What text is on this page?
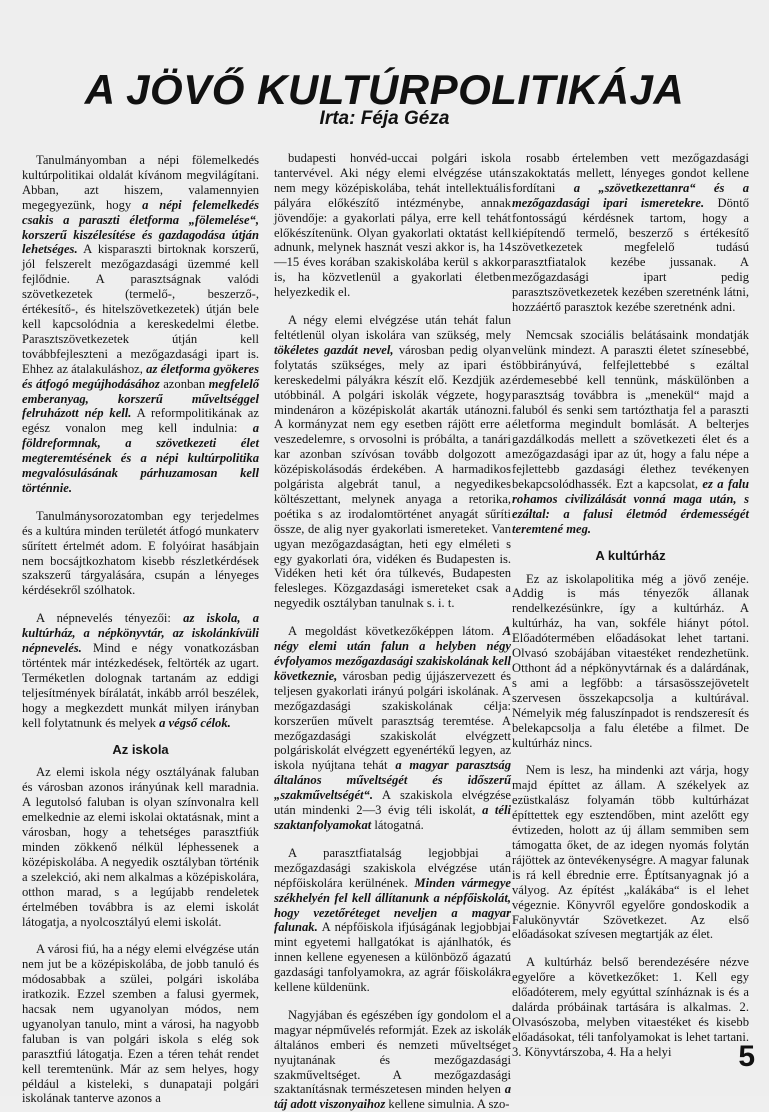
A JÖVŐ KULTÚRPOLITIKÁJA
Irta: Féja Géza

Tanulmányomban a népi fölemelkedés kultúrpolitikai oldalát kívánom megvilágítani. Abban, azt hiszem, valamennyien megegyezünk, hogy a népi felemelkedés csakis a paraszti életforma „fölemelése“, korszerű kiszélesítése és gazdagodása útján lehetséges. A kisparaszti birtoknak korszerű, jól felszerelt mezőgazdasági üzemmé kell fejlődnie. A parasztságnak valódi szövetkezetek (termelő-, beszerző-, értékesítő-, és hitelszövetkezetek) útján bele kell kapcsolódnia a kereskedelmi életbe. Parasztszövetkezetek útján kell továbbfejleszteni a mezőgazdasági ipart is. Ehhez az átalakuláshoz, az életforma gyökeres és átfogó megújhodásához azonban megfelelő emberanyag, korszerű műveltséggel felruházott nép kell. A reformpolitikának az egész vonalon meg kell indulnia: a földreformnak, a szövetkezeti élet megteremtésének és a népi kultúrpolitika megvalósulásának párhuzamosan kell történnie.

Tanulmánysorozatomban egy terjedelmes és a kultúra minden területét átfogó munkaterv sűrített értelmét adom. E folyóirat hasábjain nem bocsájtkozhatom kisebb részletkérdések szakszerű tárgyalására, csupán a lényeges kérdésekről szólhatok.

A népnevelés tényezői: az iskola, a kultúrház, a népkönyvtár, az iskolánkívüli népnevelés. Mind e négy vonatkozásban történtek már intézkedések, feltörték az ugart. Terméketlen dolognak tartanám az eddigi teljesítmények bírálatát, inkább arról beszélek, hogy a megkezdett munkát milyen irányban kell folytatnunk és melyek a végső célok.

Az iskola

Az elemi iskola négy osztályának faluban és városban azonos irányúnak kell maradnia. A legutolsó faluban is olyan színvonalra kell emelkednie az elemi iskolai oktatásnak, mint a városban, hogy a tehetséges parasztfiúk minden zökkenő nélkül léphessenek a középiskolába. A negyedik osztályban történik a szelekció, aki nem alkalmas a középiskolára, otthon marad, s a legújabb rendeletek értelmében továbbra is az elemi iskolát látogatja, a nyolcosztályú elemi iskolát.

A városi fiú, ha a négy elemi elvégzése után nem jut be a középiskolába, de jobb tanuló és módosabbak a szülei, polgári iskolába iratkozik. Ezzel szemben a falusi gyermek, hacsak nem ugyanolyan módos, nem ugyanolyan tanulo, mint a városi, ha nagyobb faluban is van polgári iskola s elég sok parasztfiú látogatja. Ezen a téren tehát rendet kell teremtenünk. Már az sem helyes, hogy például a kisteleki, s dunapataji polgári iskolának tanterve azonos a

budapesti honvéd-uccai polgári iskola tantervével. Aki négy elemi elvégzése után nem megy középiskolába, tehát intellektuális pályára előkészítő intézménybe, annak jövendője: a gyakorlati pálya, erre kell tehát előkészítenünk. Olyan gyakorlati oktatást kell adnunk, melynek hasznát veszi akkor is, ha 14—15 éves korában szakiskolába kerül s akkor is, ha közvetlenül a gyakorlati életben helyezkedik el.

A négy elemi elvégzése után tehát falun feltétlenül olyan iskolára van szükség, mely tökéletes gazdát nevel, városban pedig olyan folytatás szükséges, mely az ipari és kereskedelmi pályákra készít elő. Kezdjük az utóbbinál. A polgári iskolák végzete, hogy mindenáron a középiskolát akarták utánozni. A kormányzat nem egy esetben rájött erre a veszedelemre, s orvosolni is próbálta, a tanári kar azonban szívósan tovább dolgozott a középiskolásodás érdekében. A harmadikos polgárista algebrát tanul, a negyedikes költészettant, melynek anyaga a retorika, poétika s az irodalomtörténet anyagát sűríti össze, de alig nyer gyakorlati ismereteket. Van ugyan mezőgazdaságtan, heti egy elméleti s egy gyakorlati óra, vidéken és Budapesten is. Vidéken heti két óra túlkevés, Budapesten felesleges. Közgazdasági ismereteket csak a negyedik osztályban tanulnak s. i. t.

A megoldást következőképpen látom. A négy elemi után falun a helyben négy évfolyamos mezőgazdasági szakiskolának kell következnie, városban pedig újjászervezett és teljesen gyakorlati irányú polgári iskolának. A mezőgazdasági szakiskolának célja: korszerűen művelt parasztság teremtése. A mezőgazdasági szakiskolát elvégzett polgáriskolát elvégzett egyenértékű legyen, az iskola nyújtana tehát a magyar parasztság általános műveltségét és időszerű „szakműveltségét“. A szakiskola elvégzése után mindenki 2—3 évig téli iskolát, a téli szaktanfolyamokat látogatná.

A parasztfiatalság legjobbjai a mezőgazdasági szakiskola elvégzése után népfőiskolára kerülnének. Minden vármegye székhelyén fel kell állítanunk a népfőiskolát, hogy vezetőréteget neveljen a magyar falunak. A népfőiskola ifjúságának legjobbjai mint egyetemi hallgatókat is ajánlhatók, és innen kellene egyenesen a különböző ágazatú gazdasági tanfolyamokra, az agrár főiskolákra kellene küldenünk.

Nagyjában és egészében így gondolom el a magyar népművelés reformját. Ezek az iskolák általános emberi és nemzeti műveltséget nyujtanának és mezőgazdasági szakműveltséget. A mezőgazdasági szaktanításnak természetesen minden helyen a táj adott viszonyaihoz kellene simulnia. A szo-

rosabb értelemben vett mezőgazdasági szakoktatás mellett, lényeges gondot kellene fordítani a „szövetkezettanra“ és a mezőgazdasági ipari ismeretekre. Döntő fontosságú kérdésnek tartom, hogy a kiépítendő termelő, beszerző s értékesítő szövetkezetek megfelelő tudású parasztfiatalok kezébe jussanak. A mezőgazdasági ipart pedig parasztszövetkezetek kezében szeretnénk látni, hozzáértő parasztok kezébe szeretnénk adni.

Nemcsak szociális belátásaink mondatják velünk mindezt. A paraszti életet színesebbé, többirányúvá, felfejlettebbé s ezáltal érdemesebbé kell tennünk, máskülönben a parasztság továbbra is „menekül“ majd a faluból és senki sem tartózthatja fel a paraszti életforma megindult bomlását. A belterjes gazdálkodás mellett a szövetkezeti élet és a mezőgazdasági ipar az út, hogy a falu népe a fejlettebb gazdasági élethez tevékenyen bekapcsolódhassék. Ezt a kapcsolat, ez a falu rohamos civilizálását vonná maga után, s ezáltal: a falusi életmód érdemességét teremtené meg.

A kultúrház

Ez az iskolapolitika még a jövő zenéje. Addig is más tényezők állanak rendelkezésünkre, így a kultúrház. A kultúrház, ha van, sokféle hiányt pótol. Előadótermében előadásokat lehet tartani. Olvasó szobájában vitaestéket rendezhetünk. Otthont ád a népkönyvtárnak és a dalárdának, s ami a legfőbb: a társasösszejövetelt szervesen összekapcsolja a kultúrával. Némelyik még faluszínpadot is rendszeresít és belekapcsolja a falu életébe a filmet. De kultúrház nincs.

Nem is lesz, ha mindenki azt várja, hogy majd építtet az állam. A székelyek az ezüstkalász folyamán több kultúrházat építtettek egy esztendőben, mint azelőtt egy évtizeden, holott az új állam semmiben sem támogatta őket, de az idegen nyomás folytán rájöttek az öntevékenységre. A magyar falunak is rá kell ébrednie erre. Éptítsanyagnak jó a vályog. Az építést „kalákába“ is el lehet végeznie. Könyvről egyelőre gondoskodik a Falukönyvtár Szövetkezet. Az első előadásokat szívesen megtartják az élet.

A kultúrház belső berendezésére nézve egyelőre a következőket: 1. Kell egy előadóterem, mely egyúttal színháznak is és a dalárda próbáinak tartására is alkalmas. 2. Olvasószoba, melyben vitaestéket és kisebb előadásokat, téli tanfolyamokat is lehet tartani. 3. Könyvtárszoba, 4. Ha a helyi	5
